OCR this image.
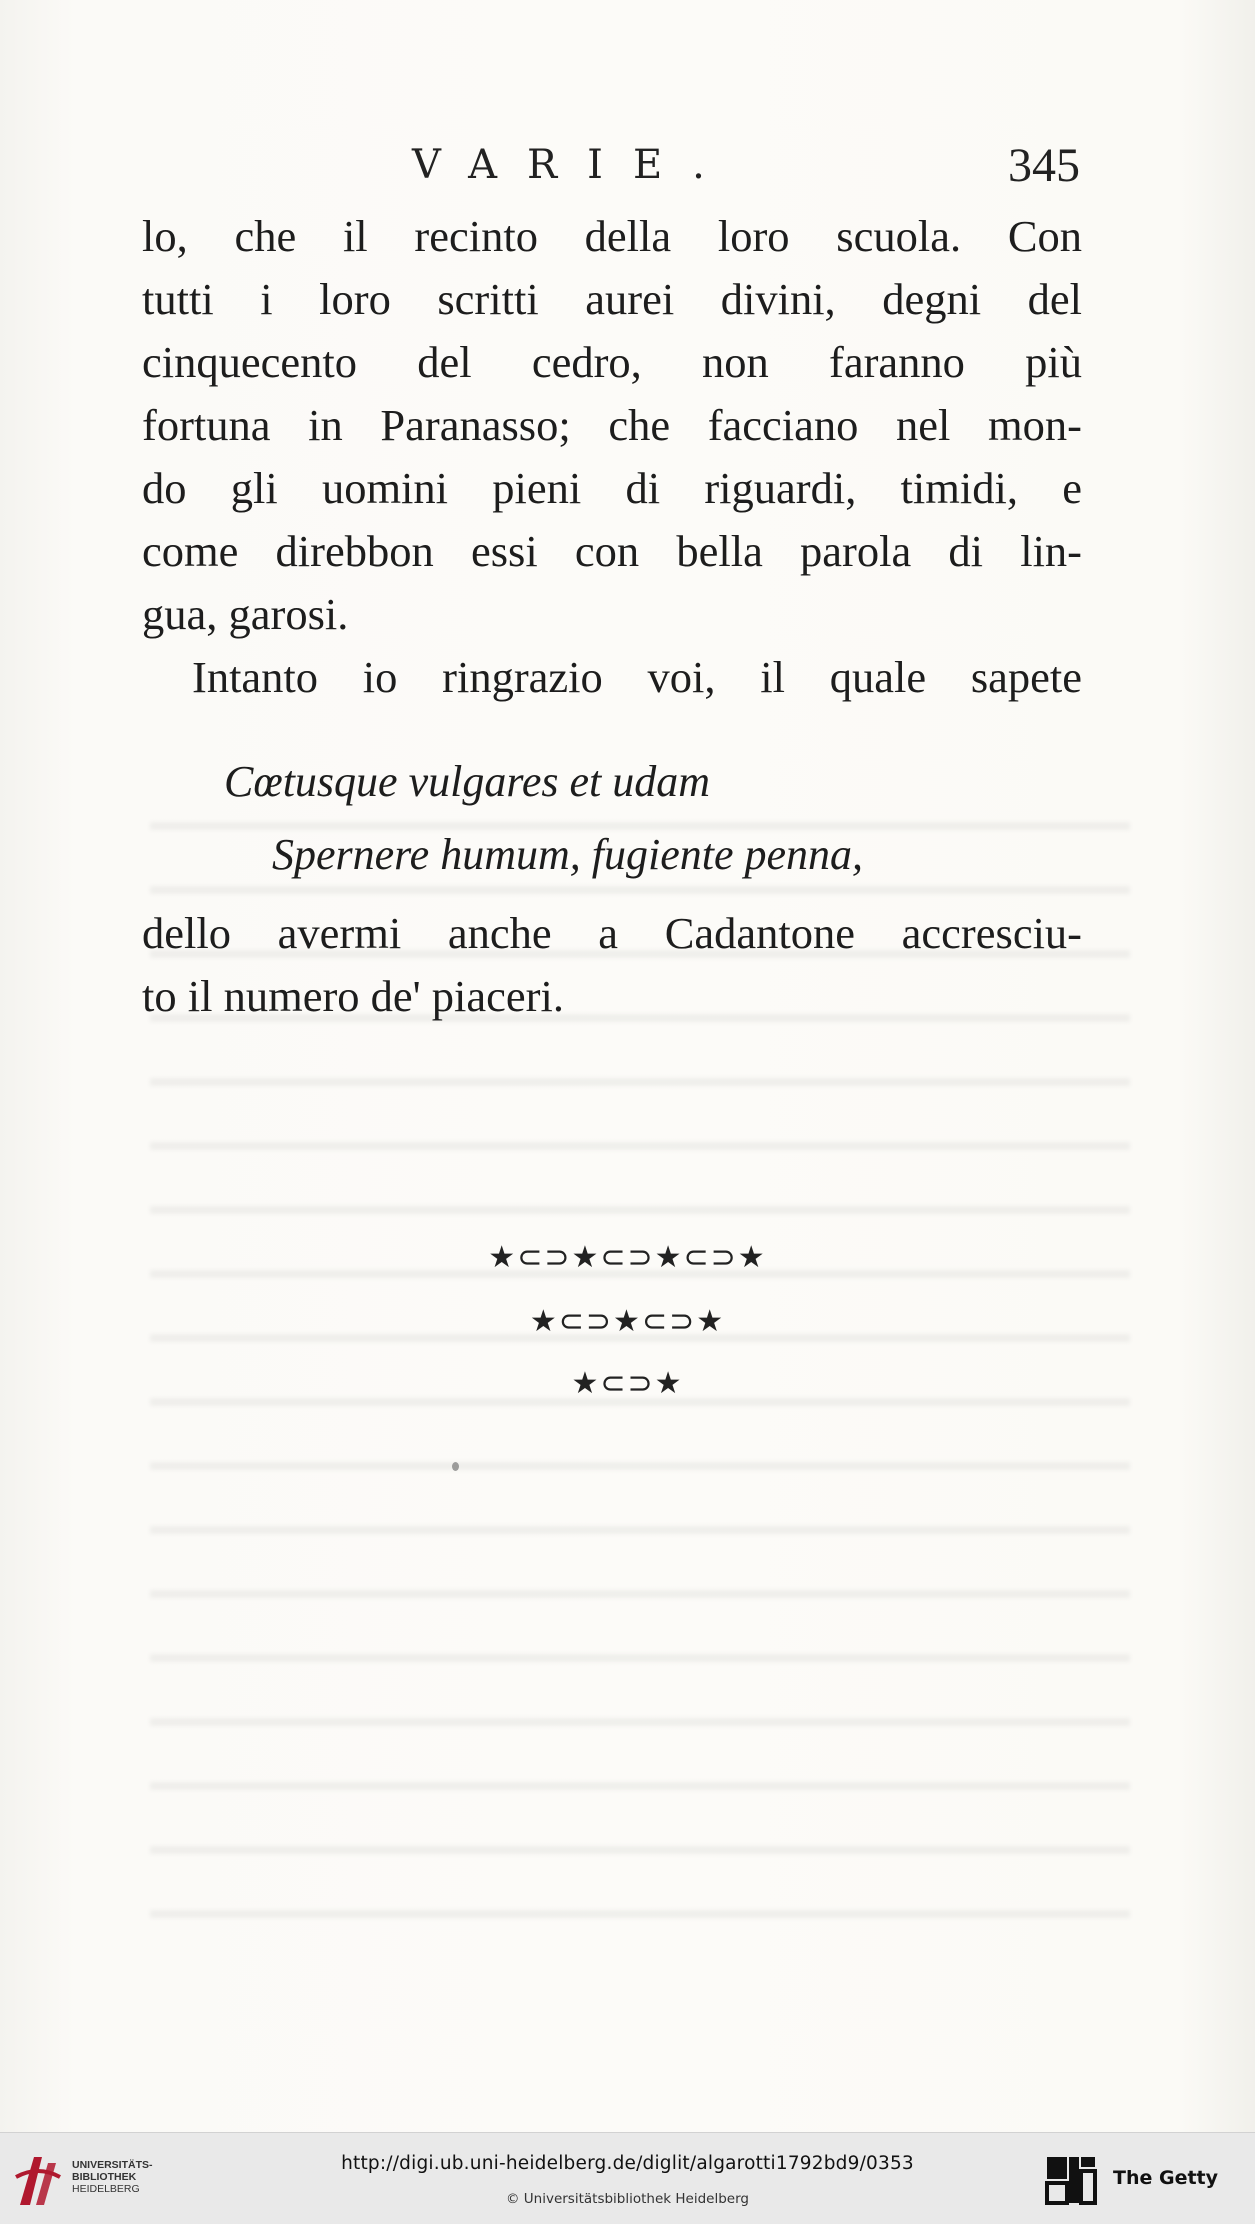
VARIE.	345
lo, che il recinto della loro scuola. Con
tutti i loro scritti aurei divini, degni del
cinquecento del cedro, non faranno più
fortuna in Paranasso; che facciano nel mon-
do gli uomini pieni di riguardi, timidi, e
come direbbon essi con bella parola di lin-
gua, garosi.
Intanto io ringrazio voi, il quale sapete
Cœtusque vulgares et udam
Spernere humum, fugiente penna,
dello avermi anche a Cadantone accresciu-
to il numero de' piaceri.
★⊂⊃★⊂⊃★⊂⊃★
★⊂⊃★⊂⊃★
★⊂⊃★
UNIVERSITÄTS-
BIBLIOTHEK
HEIDELBERG
http://digi.ub.uni-heidelberg.de/diglit/algarotti1792bd9/0353
© Universitätsbibliothek Heidelberg
The Getty
